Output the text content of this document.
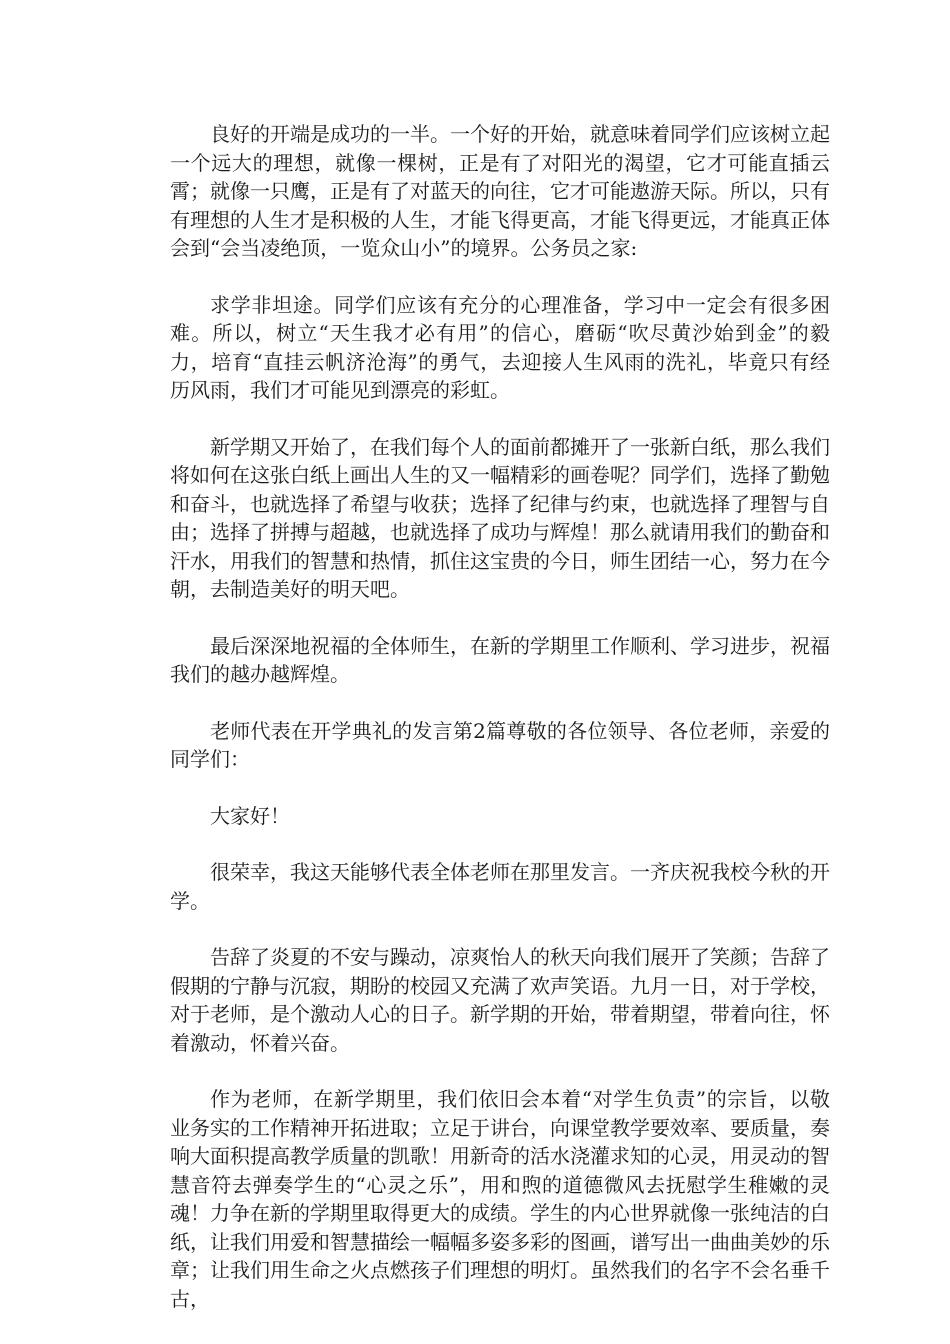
良好的开端是成功的一半。一个好的开始，就意味着同学们应该树立起一个远大的理想，就像一棵树，正是有了对阳光的渴望，它才可能直插云霄；就像一只鹰，正是有了对蓝天的向往，它才可能遨游天际。所以，只有有理想的人生才是积极的人生，才能飞得更高，才能飞得更远，才能真正体会到“会当凌绝顶，一览众山小”的境界。公务员之家:

求学非坦途。同学们应该有充分的心理准备，学习中一定会有很多困难。所以，树立“天生我才必有用”的信心，磨砺“吹尽黄沙始到金”的毅力，培育“直挂云帆济沧海”的勇气，去迎接人生风雨的洗礼，毕竟只有经历风雨，我们才可能见到漂亮的彩虹。

新学期又开始了，在我们每个人的面前都摊开了一张新白纸，那么我们将如何在这张白纸上画出人生的又一幅精彩的画卷呢？同学们，选择了勤勉和奋斗，也就选择了希望与收获；选择了纪律与约束，也就选择了理智与自由；选择了拼搏与超越，也就选择了成功与辉煌！那么就请用我们的勤奋和汗水，用我们的智慧和热情，抓住这宝贵的今日，师生团结一心，努力在今朝，去制造美好的明天吧。

最后深深地祝福的全体师生，在新的学期里工作顺利、学习进步，祝福我们的越办越辉煌。

老师代表在开学典礼的发言第2篇尊敬的各位领导、各位老师，亲爱的同学们：

大家好！

很荣幸，我这天能够代表全体老师在那里发言。一齐庆祝我校今秋的开学。

告辞了炎夏的不安与躁动，凉爽怡人的秋天向我们展开了笑颜；告辞了假期的宁静与沉寂，期盼的校园又充满了欢声笑语。九月一日，对于学校，对于老师，是个激动人心的日子。新学期的开始，带着期望，带着向往，怀着激动，怀着兴奋。

作为老师，在新学期里，我们依旧会本着“对学生负责”的宗旨，以敬业务实的工作精神开拓进取；立足于讲台，向课堂教学要效率、要质量，奏响大面积提高教学质量的凯歌！用新奇的活水浇灌求知的心灵，用灵动的智慧音符去弹奏学生的“心灵之乐”，用和煦的道德微风去抚慰学生稚嫩的灵魂！力争在新的学期里取得更大的成绩。学生的内心世界就像一张纯洁的白纸，让我们用爱和智慧描绘一幅幅多姿多彩的图画，谱写出一曲曲美妙的乐章；让我们用生命之火点燃孩子们理想的明灯。虽然我们的名字不会名垂千古，
